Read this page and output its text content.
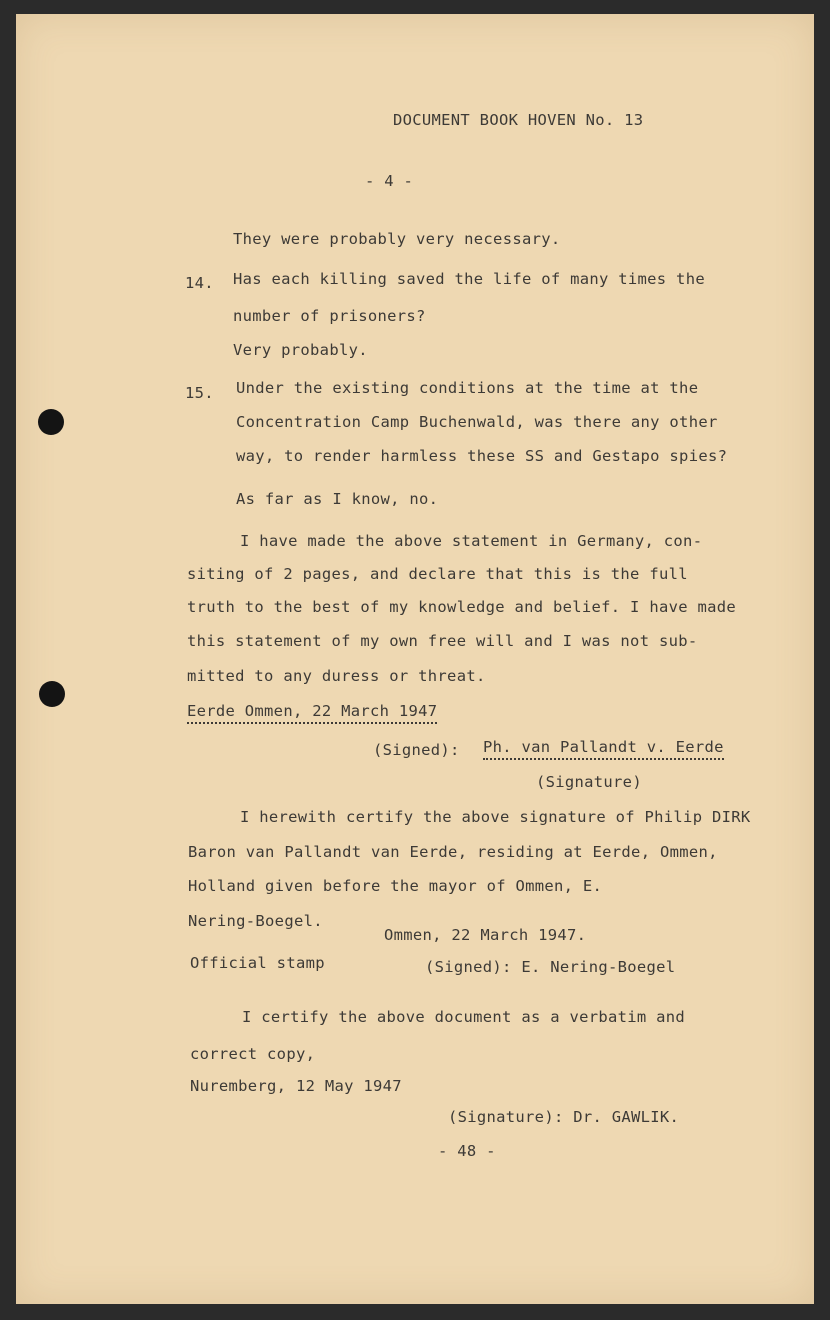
DOCUMENT BOOK HOVEN No. 13
- 4 -
They were probably very necessary.
14. Has each killing saved the life of many times the
number of prisoners?
Very probably.
15. Under the existing conditions at the time at the
Concentration Camp Buchenwald, was there any other
way, to render harmless these SS and Gestapo spies?
As far as I know, no.
I have made the above statement in Germany, con-
siting of 2 pages, and declare that this is the full
truth to the best of my knowledge and belief. I have made
this statement of my own free will and I was not sub-
mitted to any duress or threat.
Eerde Ommen, 22 March 1947
(Signed): Ph. van Pallandt v. Eerde
(Signature)
I herewith certify the above signature of Philip DIRK
Baron van Pallandt van Eerde, residing at Eerde, Ommen,
Holland given before the mayor of Ommen, E.
Nering-Boegel.
Ommen, 22 March 1947.
Official stamp	(Signed): E. Nering-Boegel
I certify the above document as a verbatim and
correct copy,
Nuremberg, 12 May 1947
(Signature): Dr. GAWLIK.
- 48 -
